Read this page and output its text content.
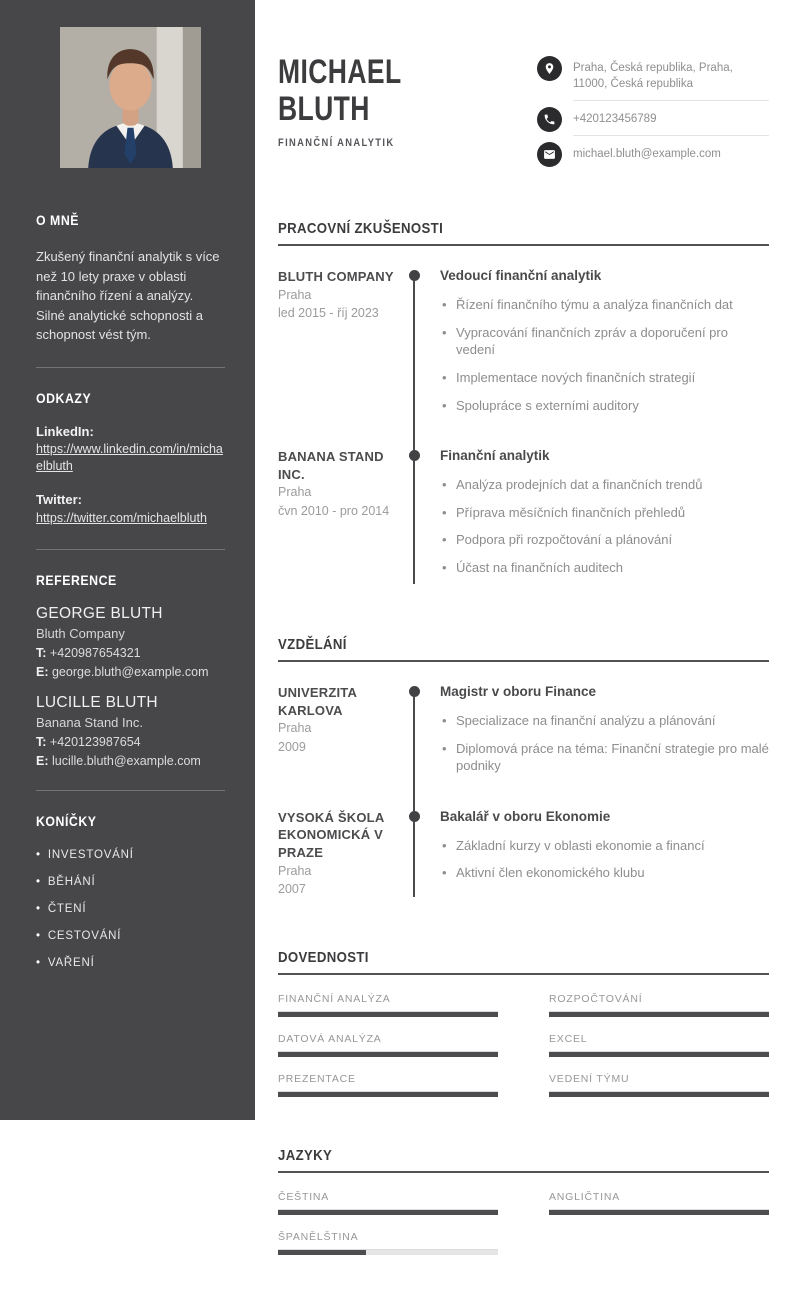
O MNĚ

Zkušený finanční analytik s více než 10 lety praxe v oblasti finančního řízení a analýzy. Silné analytické schopnosti a schopnost vést tým.

ODKAZY
LinkedIn:
https://www.linkedin.com/in/michaelbluth
Twitter:
https://twitter.com/michaelbluth
REFERENCE
GEORGE BLUTH
Bluth Company
T: +420987654321
E: george.bluth@example.com
LUCILLE BLUTH
Banana Stand Inc.
T: +420123987654
E: lucille.bluth@example.com
KONÍČKY
• INVESTOVÁNÍ
• BĚHÁNÍ
• ČTENÍ
• CESTOVÁNÍ
• VAŘENÍ
MICHAEL
BLUTH
FINANČNÍ ANALYTIK
Praha, Česká republika, Praha, 11000, Česká republika
+420123456789
michael.bluth@example.com
PRACOVNÍ ZKUŠENOSTI
BLUTH COMPANY
Praha
led 2015 - říj 2023
Vedoucí finanční analytik
• Řízení finančního týmu a analýza finančních dat
• Vypracování finančních zpráv a doporučení pro vedení
• Implementace nových finančních strategií
• Spolupráce s externími auditory
BANANA STAND INC.
Praha
čvn 2010 - pro 2014
Finanční analytik
• Analýza prodejních dat a finančních trendů
• Příprava měsíčních finančních přehledů
• Podpora při rozpočtování a plánování
• Účast na finančních auditech
VZDĚLÁNÍ
UNIVERZITA KARLOVA
Praha
2009
Magistr v oboru Finance
• Specializace na finanční analýzu a plánování
• Diplomová práce na téma: Finanční strategie pro malé podniky
VYSOKÁ ŠKOLA EKONOMICKÁ V PRAZE
Praha
2007
Bakalář v oboru Ekonomie
• Základní kurzy v oblasti ekonomie a financí
• Aktivní člen ekonomického klubu
DOVEDNOSTI
FINANČNÍ ANALÝZA	ROZPOČTOVÁNÍ
DATOVÁ ANALÝZA	EXCEL
PREZENTACE	VEDENÍ TÝMU
JAZYKY
ČEŠTINA	ANGLIČTINA
ŠPANĚLŠTINA
